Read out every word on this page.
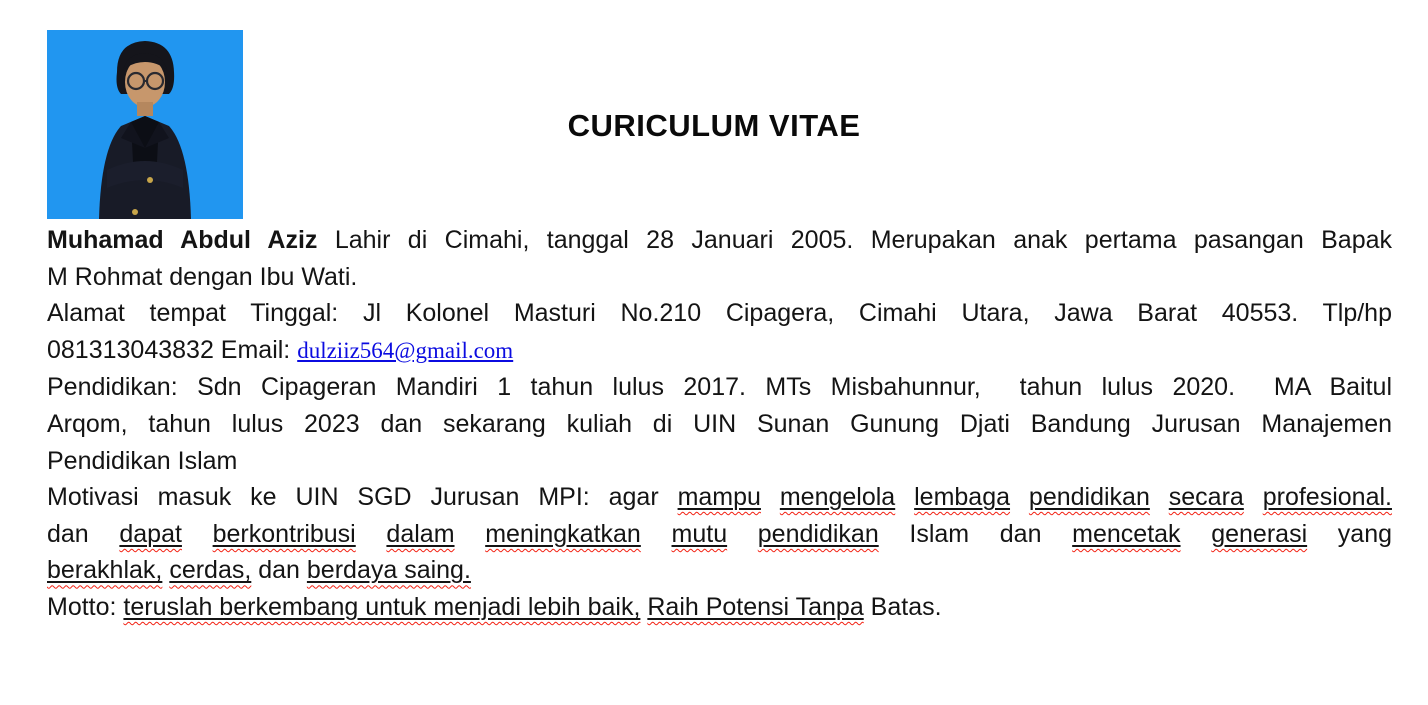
CURICULUM VITAE
Muhamad Abdul Aziz Lahir di Cimahi, tanggal 28 Januari 2005. Merupakan anak pertama pasangan Bapak
M Rohmat dengan Ibu Wati.
Alamat tempat Tinggal: Jl Kolonel Masturi No.210 Cipagera, Cimahi Utara, Jawa Barat 40553. Tlp/hp
081313043832 Email: dulziiz564@gmail.com
Pendidikan: Sdn Cipageran Mandiri 1 tahun lulus 2017. MTs Misbahunnur,  tahun lulus 2020.  MA Baitul
Arqom, tahun lulus 2023 dan sekarang kuliah di UIN Sunan Gunung Djati Bandung Jurusan Manajemen
Pendidikan Islam
Motivasi masuk ke UIN SGD Jurusan MPI: agar mampu mengelola lembaga pendidikan secara profesional.
dan dapat berkontribusi dalam meningkatkan mutu pendidikan Islam dan mencetak generasi yang
berakhlak, cerdas, dan berdaya saing.
Motto: teruslah berkembang untuk menjadi lebih baik, Raih Potensi Tanpa Batas.
